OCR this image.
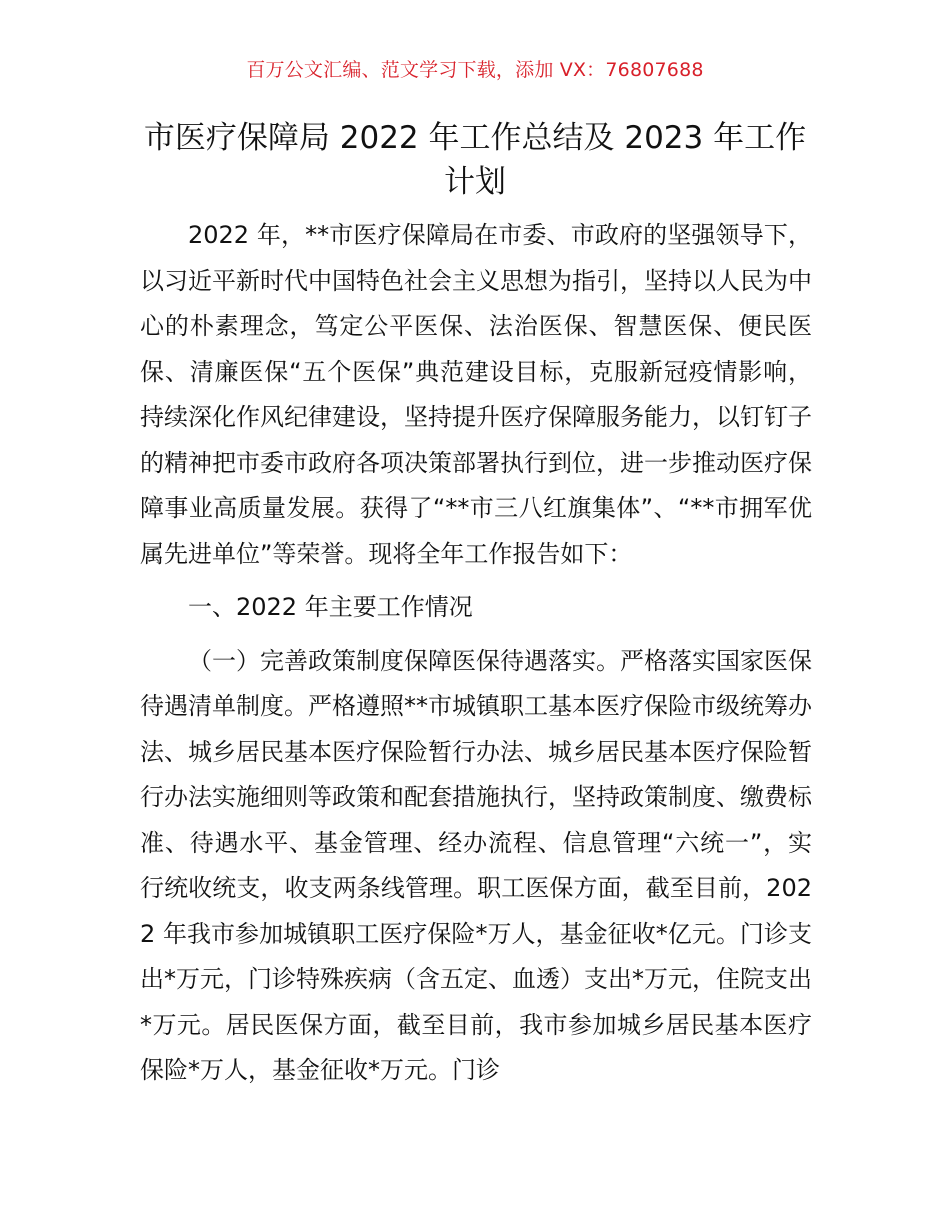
百万公文汇编、范文学习下载，添加 VX：76807688
市医疗保障局 2022 年工作总结及 2023 年工作计划

2022 年，**市医疗保障局在市委、市政府的坚强领导下，以习近平新时代中国特色社会主义思想为指引，坚持以人民为中心的朴素理念，笃定公平医保、法治医保、智慧医保、便民医保、清廉医保“五个医保”典范建设目标，克服新冠疫情影响，持续深化作风纪律建设，坚持提升医疗保障服务能力，以钉钉子的精神把市委市政府各项决策部署执行到位，进一步推动医疗保障事业高质量发展。获得了“**市三八红旗集体”、“**市拥军优属先进单位”等荣誉。现将全年工作报告如下：

一、2022 年主要工作情况

（一）完善政策制度保障医保待遇落实。严格落实国家医保待遇清单制度。严格遵照**市城镇职工基本医疗保险市级统筹办法、城乡居民基本医疗保险暂行办法、城乡居民基本医疗保险暂行办法实施细则等政策和配套措施执行，坚持政策制度、缴费标准、待遇水平、基金管理、经办流程、信息管理“六统一”，实行统收统支，收支两条线管理。职工医保方面，截至目前，2022 年我市参加城镇职工医疗保险*万人，基金征收*亿元。门诊支出*万元，门诊特殊疾病（含五定、血透）支出*万元，住院支出*万元。居民医保方面，截至目前，我市参加城乡居民基本医疗保险*万人，基金征收*万元。门诊
